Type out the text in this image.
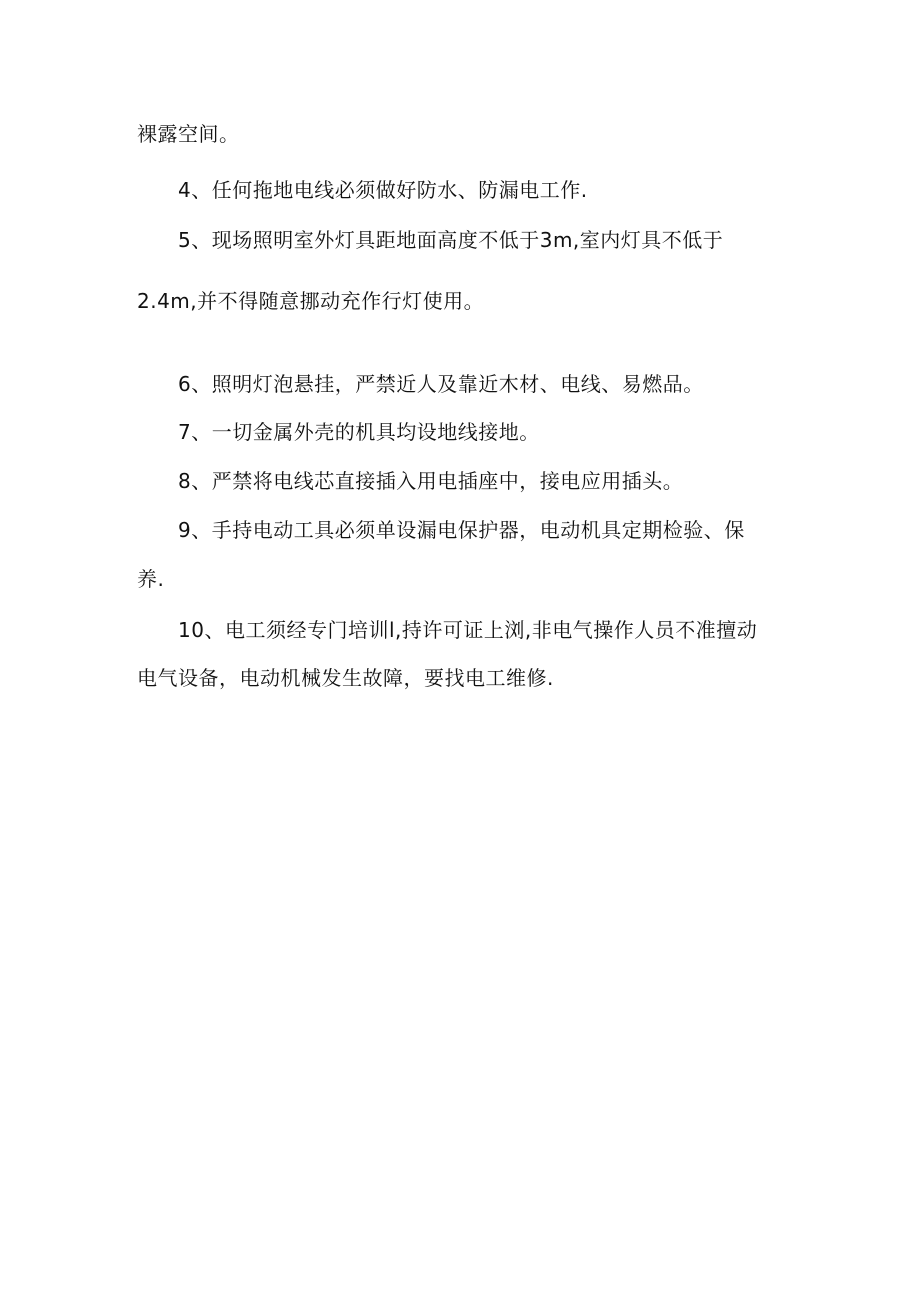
裸露空间。
4、任何拖地电线必须做好防水、防漏电工作.
5、现场照明室外灯具距地面高度不低于3m,室内灯具不低于
2.4m,并不得随意挪动充作行灯使用。
6、照明灯泡悬挂，严禁近人及靠近木材、电线、易燃品。
7、一切金属外壳的机具均设地线接地。
8、严禁将电线芯直接插入用电插座中，接电应用插头。
9、手持电动工具必须单设漏电保护器，电动机具定期检验、保
养.
10、电工须经专门培训l,持许可证上浏,非电气操作人员不准擅动
电气设备，电动机械发生故障，要找电工维修.
